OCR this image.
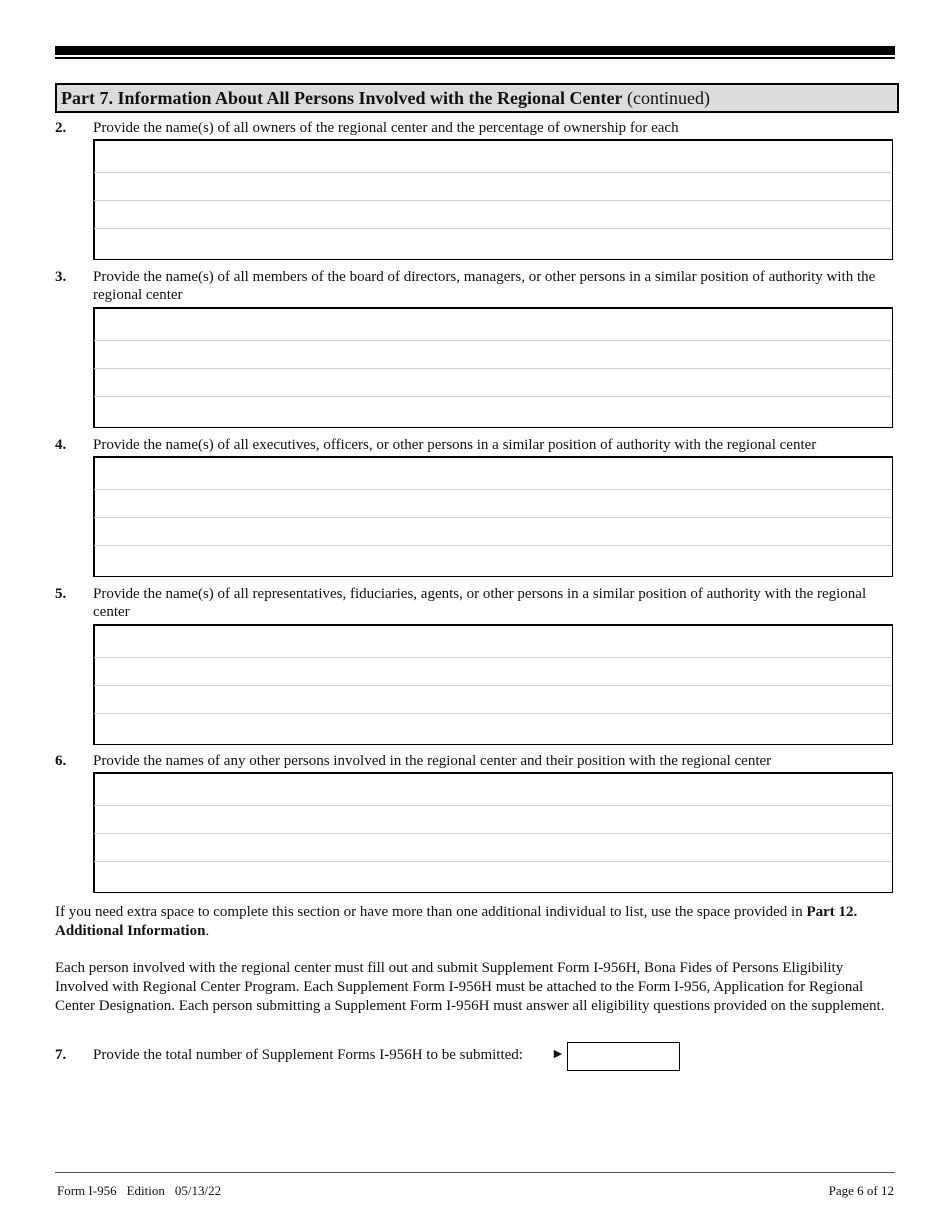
Part 7. Information About All Persons Involved with the Regional Center (continued)
2. Provide the name(s) of all owners of the regional center and the percentage of ownership for each
3. Provide the name(s) of all members of the board of directors, managers, or other persons in a similar position of authority with the regional center
4. Provide the name(s) of all executives, officers, or other persons in a similar position of authority with the regional center
5. Provide the name(s) of all representatives, fiduciaries, agents, or other persons in a similar position of authority with the regional center
6. Provide the names of any other persons involved in the regional center and their position with the regional center
If you need extra space to complete this section or have more than one additional individual to list, use the space provided in Part 12. Additional Information.
Each person involved with the regional center must fill out and submit Supplement Form I-956H, Bona Fides of Persons Eligibility Involved with Regional Center Program. Each Supplement Form I-956H must be attached to the Form I-956, Application for Regional Center Designation. Each person submitting a Supplement Form I-956H must answer all eligibility questions provided on the supplement.
7. Provide the total number of Supplement Forms I-956H to be submitted:	►
Form I-956 Edition 05/13/22	Page 6 of 12
